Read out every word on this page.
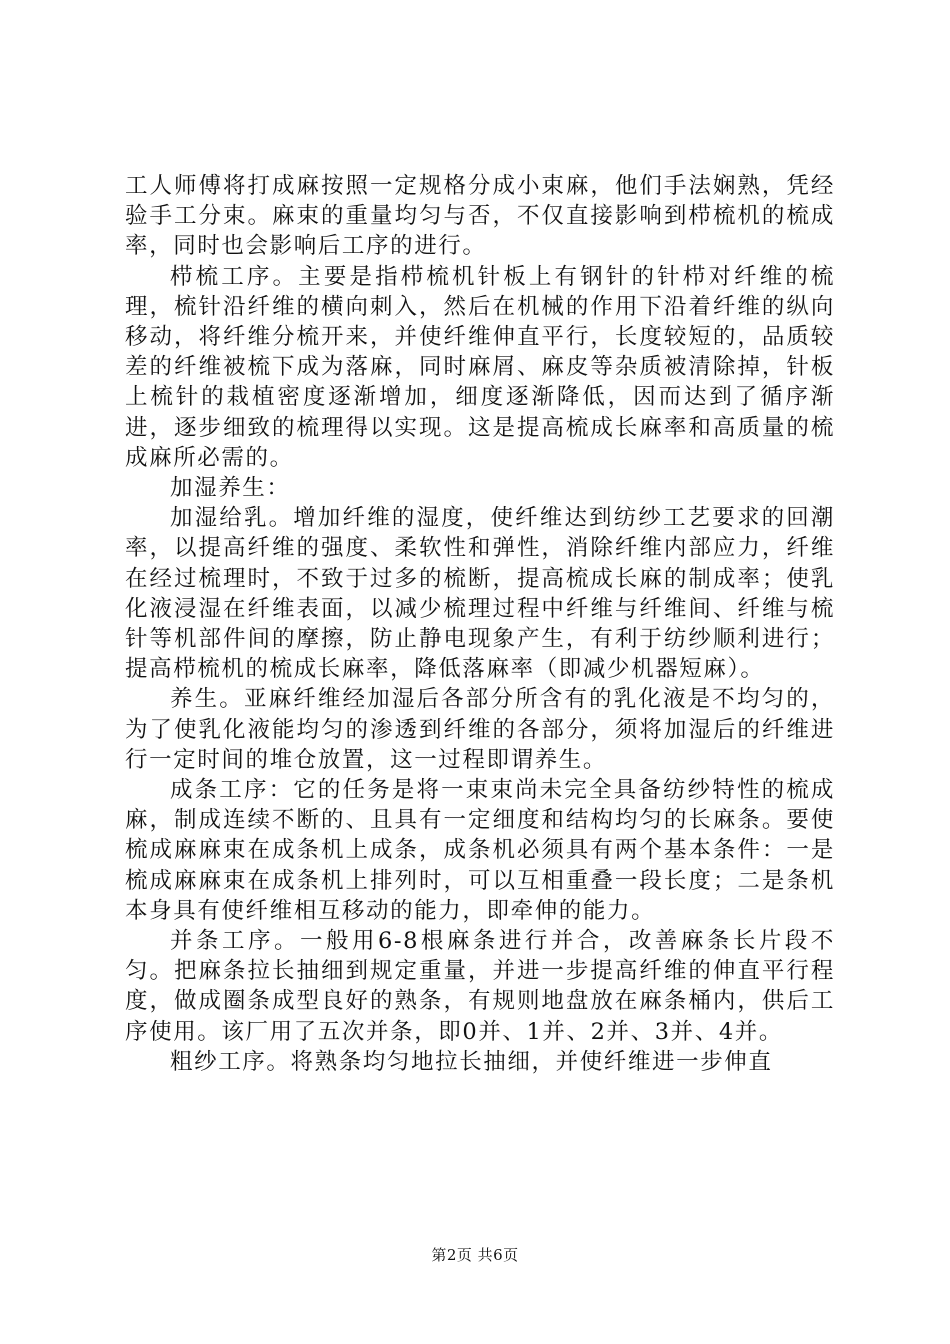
工人师傅将打成麻按照一定规格分成小束麻，他们手法娴熟，凭经验手工分束。麻束的重量均匀与否，不仅直接影响到栉梳机的梳成率，同时也会影响后工序的进行。

栉梳工序。主要是指栉梳机针板上有钢针的针栉对纤维的梳理，梳针沿纤维的横向刺入，然后在机械的作用下沿着纤维的纵向移动，将纤维分梳开来，并使纤维伸直平行，长度较短的，品质较差的纤维被梳下成为落麻，同时麻屑、麻皮等杂质被清除掉，针板上梳针的栽植密度逐渐增加，细度逐渐降低，因而达到了循序渐进，逐步细致的梳理得以实现。这是提高梳成长麻率和高质量的梳成麻所必需的。

加湿养生：

加湿给乳。增加纤维的湿度，使纤维达到纺纱工艺要求的回潮率，以提高纤维的强度、柔软性和弹性，消除纤维内部应力，纤维在经过梳理时，不致于过多的梳断，提高梳成长麻的制成率；使乳化液浸湿在纤维表面，以减少梳理过程中纤维与纤维间、纤维与梳针等机部件间的摩擦，防止静电现象产生，有利于纺纱顺利进行；提高栉梳机的梳成长麻率，降低落麻率（即减少机器短麻）。

养生。亚麻纤维经加湿后各部分所含有的乳化液是不均匀的，为了使乳化液能均匀的渗透到纤维的各部分，须将加湿后的纤维进行一定时间的堆仓放置，这一过程即谓养生。

成条工序：它的任务是将一束束尚未完全具备纺纱特性的梳成麻，制成连续不断的、且具有一定细度和结构均匀的长麻条。要使梳成麻麻束在成条机上成条，成条机必须具有两个基本条件：一是梳成麻麻束在成条机上排列时，可以互相重叠一段长度；二是条机本身具有使纤维相互移动的能力，即牵伸的能力。

并条工序。一般用6-8根麻条进行并合，改善麻条长片段不匀。把麻条拉长抽细到规定重量，并进一步提高纤维的伸直平行程度，做成圈条成型良好的熟条，有规则地盘放在麻条桶内，供后工序使用。该厂用了五次并条，即0并、1并、2并、3并、4并。

粗纱工序。将熟条均匀地拉长抽细，并使纤维进一步伸直

第2页 共6页
